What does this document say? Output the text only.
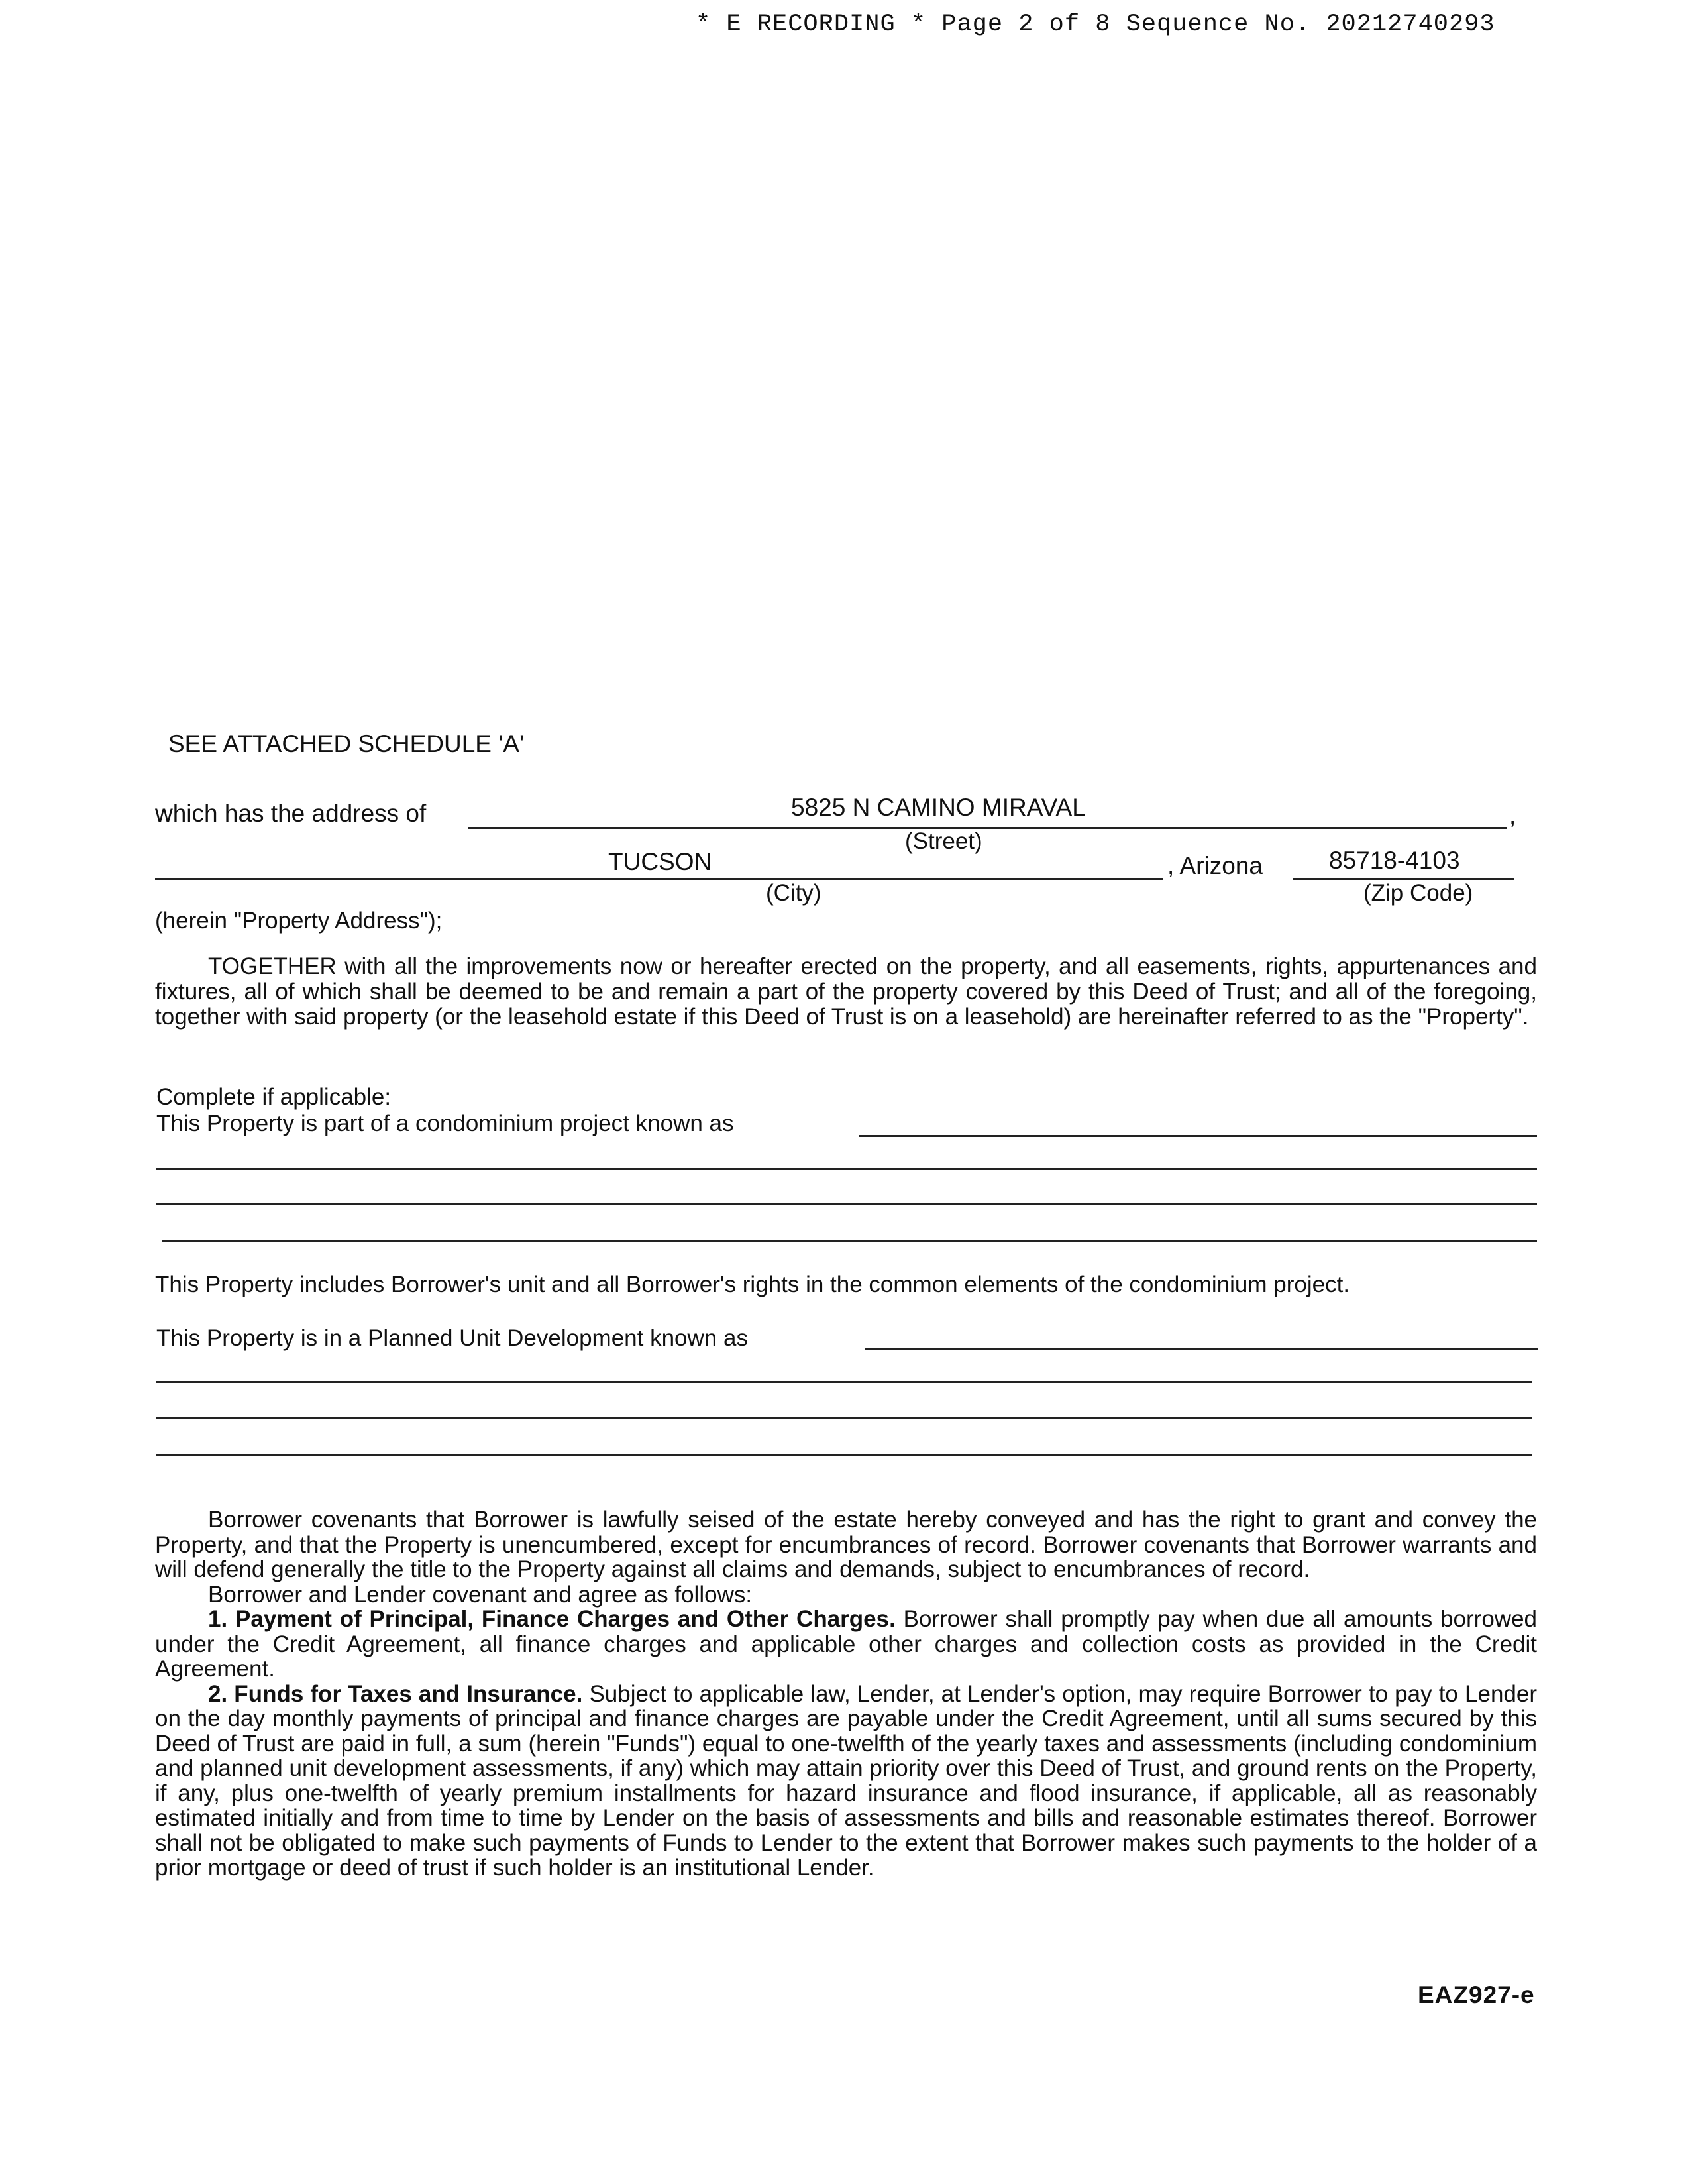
* E RECORDING * Page 2 of 8 Sequence No. 20212740293
SEE ATTACHED SCHEDULE 'A'
which has the address of	5825 N CAMINO MIRAVAL	,
(Street)
TUCSON	, Arizona	85718-4103
(City)	(Zip Code)
(herein "Property Address");

TOGETHER with all the improvements now or hereafter erected on the property, and all easements, rights, appurtenances and fixtures, all of which shall be deemed to be and remain a part of the property covered by this Deed of Trust; and all of the foregoing, together with said property (or the leasehold estate if this Deed of Trust is on a leasehold) are hereinafter referred to as the "Property".

Complete if applicable:
This Property is part of a condominium project known as

This Property includes Borrower's unit and all Borrower's rights in the common elements of the condominium project.

This Property is in a Planned Unit Development known as

Borrower covenants that Borrower is lawfully seised of the estate hereby conveyed and has the right to grant and convey the Property, and that the Property is unencumbered, except for encumbrances of record. Borrower covenants that Borrower warrants and will defend generally the title to the Property against all claims and demands, subject to encumbrances of record.

Borrower and Lender covenant and agree as follows:

1. Payment of Principal, Finance Charges and Other Charges. Borrower shall promptly pay when due all amounts borrowed under the Credit Agreement, all finance charges and applicable other charges and collection costs as provided in the Credit Agreement.

2. Funds for Taxes and Insurance. Subject to applicable law, Lender, at Lender's option, may require Borrower to pay to Lender on the day monthly payments of principal and finance charges are payable under the Credit Agreement, until all sums secured by this Deed of Trust are paid in full, a sum (herein "Funds") equal to one-twelfth of the yearly taxes and assessments (including condominium and planned unit development assessments, if any) which may attain priority over this Deed of Trust, and ground rents on the Property, if any, plus one-twelfth of yearly premium installments for hazard insurance and flood insurance, if applicable, all as reasonably estimated initially and from time to time by Lender on the basis of assessments and bills and reasonable estimates thereof. Borrower shall not be obligated to make such payments of Funds to Lender to the extent that Borrower makes such payments to the holder of a prior mortgage or deed of trust if such holder is an institutional Lender.

EAZ927-e
